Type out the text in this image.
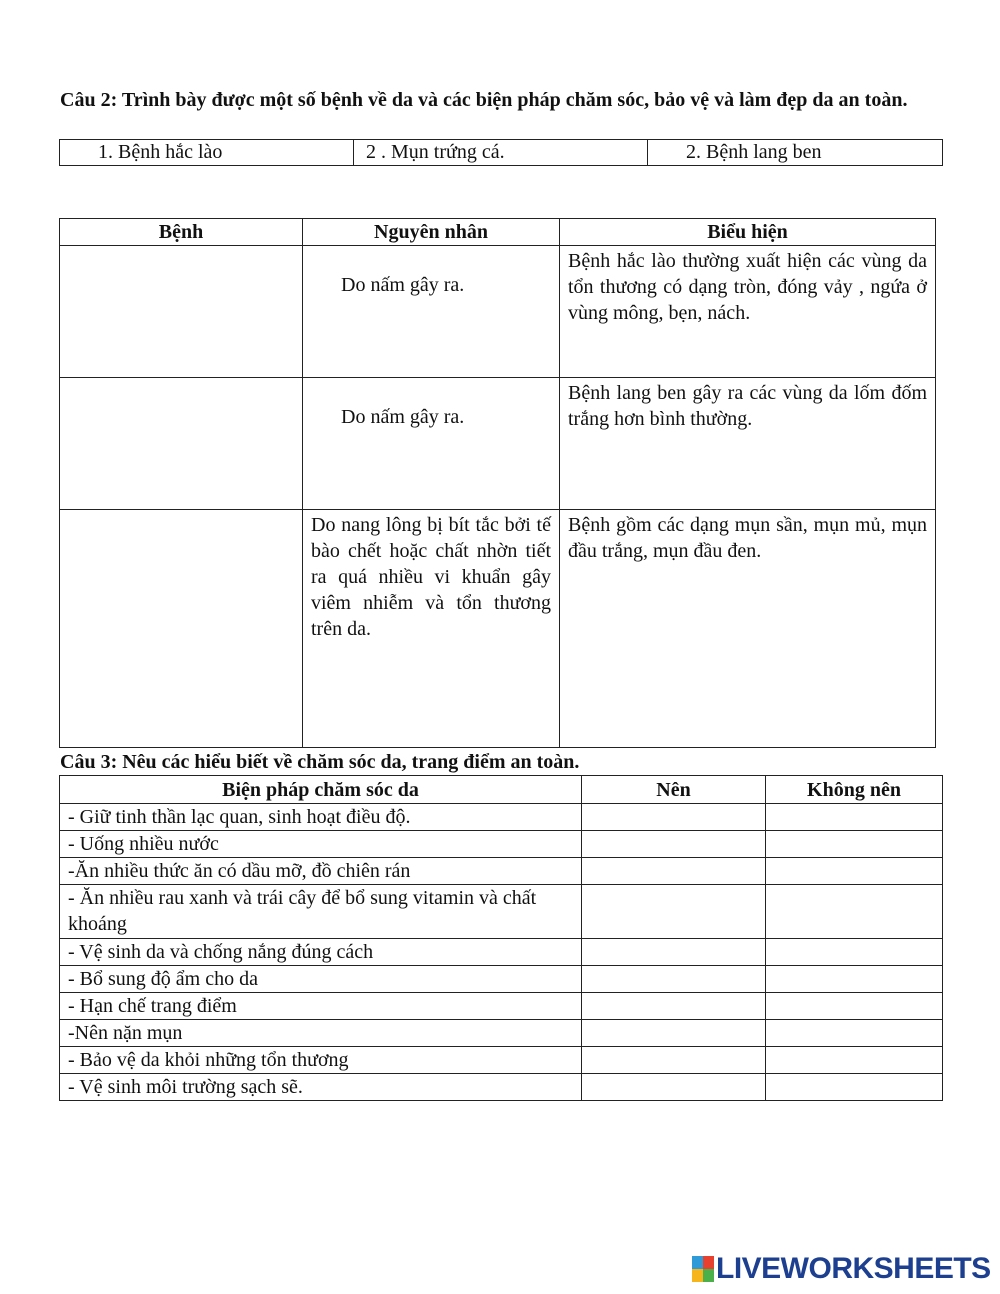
Câu 2: Trình bày được một số bệnh về da và các biện pháp chăm sóc, bảo vệ và làm đẹp da an toàn.
1. Bệnh hắc lào	2 . Mụn trứng cá.	2. Bệnh lang ben
Bệnh	Nguyên nhân	Biểu hiện
	Do nấm gây ra.	Bệnh hắc lào thường xuất hiện các vùng da tổn thương có dạng tròn, đóng vảy , ngứa ở vùng mông, bẹn, nách.
	Do nấm gây ra.	Bệnh lang ben gây ra các vùng da lốm đốm trắng hơn bình thường.
	Do nang lông bị bít tắc bởi tế bào chết hoặc chất nhờn tiết ra quá nhiều vi khuẩn gây viêm nhiễm và tổn thương trên da.	Bệnh gồm các dạng mụn sần, mụn mủ, mụn đầu trắng, mụn đầu đen.
Câu 3: Nêu các hiểu biết về chăm sóc da, trang điểm an toàn.
Biện pháp chăm sóc da	Nên	Không nên
- Giữ tinh thần lạc quan, sinh hoạt điều độ.		
- Uống nhiều nước		
-Ăn nhiều thức ăn có dầu mỡ, đồ chiên rán		
- Ăn nhiều rau xanh và trái cây để bổ sung vitamin và chất khoáng		
- Vệ sinh da và chống nắng đúng cách		
- Bổ sung độ ẩm cho da		
- Hạn chế trang điểm		
-Nên nặn mụn		
- Bảo vệ da khỏi những tổn thương		
- Vệ sinh môi trường sạch sẽ.		
LIVEWORKSHEETS
